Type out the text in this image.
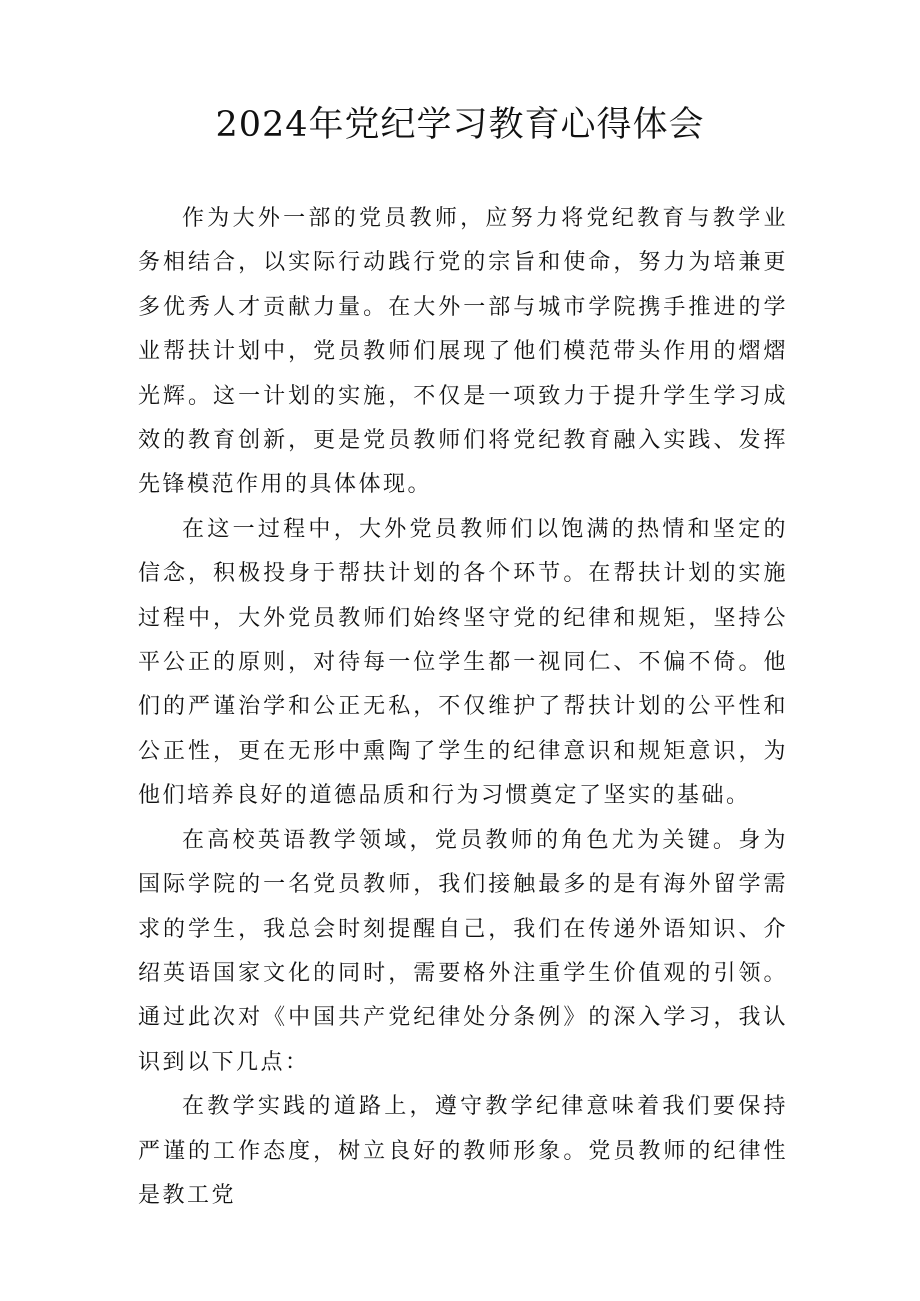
2024年党纪学习教育心得体会

作为大外一部的党员教师，应努力将党纪教育与教学业务相结合，以实际行动践行党的宗旨和使命，努力为培兼更多优秀人才贡献力量。在大外一部与城市学院携手推进的学业帮扶计划中，党员教师们展现了他们模范带头作用的熠熠光辉。这一计划的实施，不仅是一项致力于提升学生学习成效的教育创新，更是党员教师们将党纪教育融入实践、发挥先锋模范作用的具体体现。

在这一过程中，大外党员教师们以饱满的热情和坚定的信念，积极投身于帮扶计划的各个环节。在帮扶计划的实施过程中，大外党员教师们始终坚守党的纪律和规矩，坚持公平公正的原则，对待每一位学生都一视同仁、不偏不倚。他们的严谨治学和公正无私，不仅维护了帮扶计划的公平性和公正性，更在无形中熏陶了学生的纪律意识和规矩意识，为他们培养良好的道德品质和行为习惯奠定了坚实的基础。

在高校英语教学领域，党员教师的角色尤为关键。身为国际学院的一名党员教师，我们接触最多的是有海外留学需求的学生，我总会时刻提醒自己，我们在传递外语知识、介绍英语国家文化的同时，需要格外注重学生价值观的引领。通过此次对《中国共产党纪律处分条例》的深入学习，我认识到以下几点：

在教学实践的道路上，遵守教学纪律意味着我们要保持严谨的工作态度，树立良好的教师形象。党员教师的纪律性是教工党
